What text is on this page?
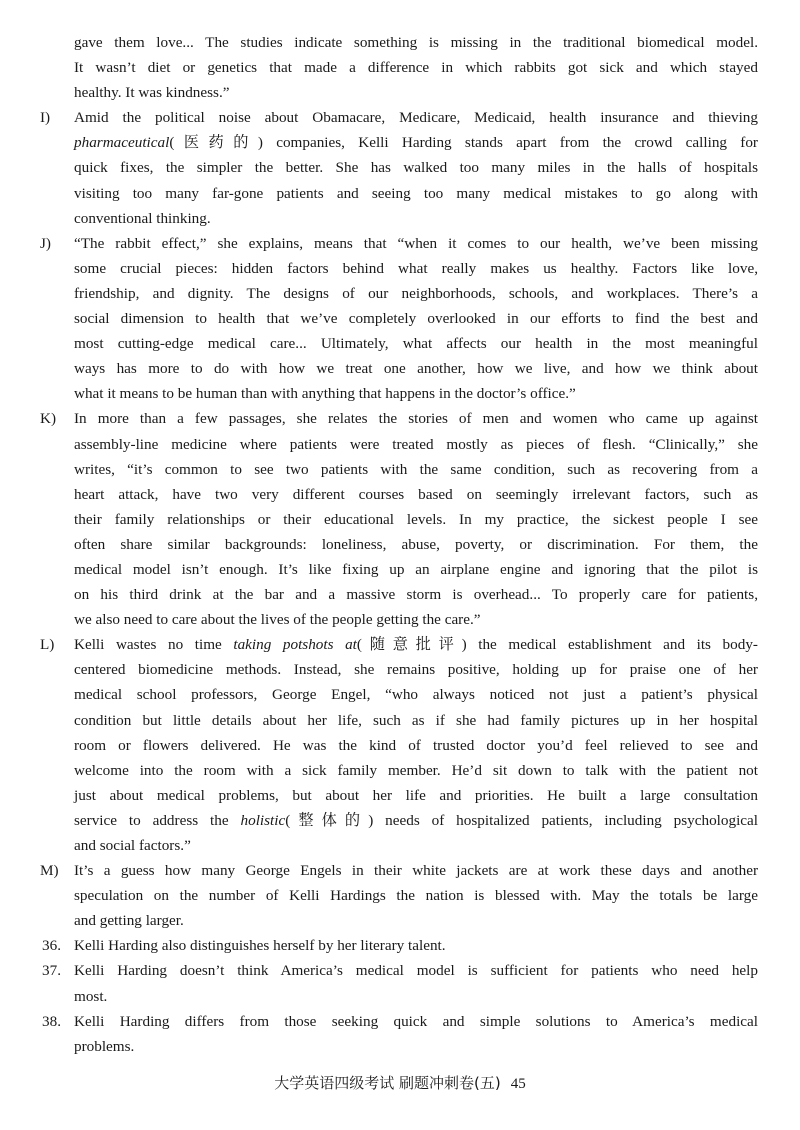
gave them love... The studies indicate something is missing in the traditional biomedical model.
It wasn’t diet or genetics that made a difference in which rabbits got sick and which stayed
healthy. It was kindness.”
I) Amid the political noise about Obamacare, Medicare, Medicaid, health insurance and thieving
pharmaceutical(医药的) companies, Kelli Harding stands apart from the crowd calling for
quick fixes, the simpler the better. She has walked too many miles in the halls of hospitals
visiting too many far-gone patients and seeing too many medical mistakes to go along with
conventional thinking.
J) “The rabbit effect,” she explains, means that “when it comes to our health, we’ve been missing
some crucial pieces: hidden factors behind what really makes us healthy. Factors like love,
friendship, and dignity. The designs of our neighborhoods, schools, and workplaces. There’s a
social dimension to health that we’ve completely overlooked in our efforts to find the best and
most cutting-edge medical care... Ultimately, what affects our health in the most meaningful
ways has more to do with how we treat one another, how we live, and how we think about
what it means to be human than with anything that happens in the doctor’s office.”
K) In more than a few passages, she relates the stories of men and women who came up against
assembly-line medicine where patients were treated mostly as pieces of flesh. “Clinically,” she
writes, “it’s common to see two patients with the same condition, such as recovering from a
heart attack, have two very different courses based on seemingly irrelevant factors, such as
their family relationships or their educational levels. In my practice, the sickest people I see
often share similar backgrounds: loneliness, abuse, poverty, or discrimination. For them, the
medical model isn’t enough. It’s like fixing up an airplane engine and ignoring that the pilot is
on his third drink at the bar and a massive storm is overhead... To properly care for patients,
we also need to care about the lives of the people getting the care.”
L) Kelli wastes no time taking potshots at(随意批评) the medical establishment and its body-
centered biomedicine methods. Instead, she remains positive, holding up for praise one of her
medical school professors, George Engel, “who always noticed not just a patient’s physical
condition but little details about her life, such as if she had family pictures up in her hospital
room or flowers delivered. He was the kind of trusted doctor you’d feel relieved to see and
welcome into the room with a sick family member. He’d sit down to talk with the patient not
just about medical problems, but about her life and priorities. He built a large consultation
service to address the holistic(整体的) needs of hospitalized patients, including psychological
and social factors.”
M) It’s a guess how many George Engels in their white jackets are at work these days and another
speculation on the number of Kelli Hardings the nation is blessed with. May the totals be large
and getting larger.
36. Kelli Harding also distinguishes herself by her literary talent.
37. Kelli Harding doesn’t think America’s medical model is sufficient for patients who need help
most.
38. Kelli Harding differs from those seeking quick and simple solutions to America’s medical
problems.
大学英语四级考试 刷题冲刺卷(五) 45
